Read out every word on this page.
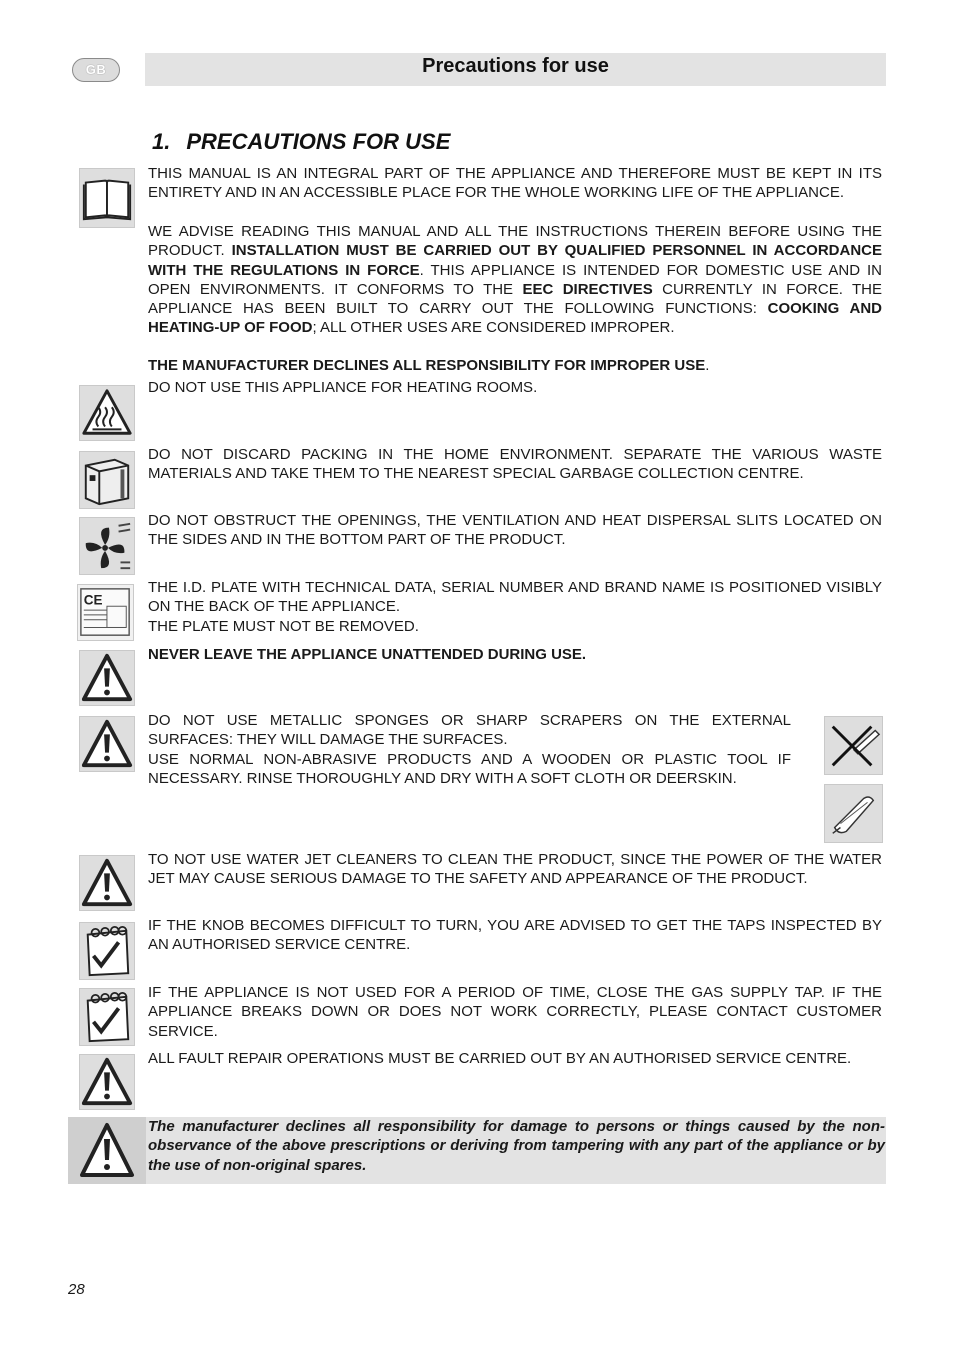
GB	Precautions for use
1. PRECAUTIONS FOR USE
THIS MANUAL IS AN INTEGRAL PART OF THE APPLIANCE AND THEREFORE MUST BE KEPT IN ITS ENTIRETY AND IN AN ACCESSIBLE PLACE FOR THE WHOLE WORKING LIFE OF THE APPLIANCE.
WE ADVISE READING THIS MANUAL AND ALL THE INSTRUCTIONS THEREIN BEFORE USING THE PRODUCT. INSTALLATION MUST BE CARRIED OUT BY QUALIFIED PERSONNEL IN ACCORDANCE WITH THE REGULATIONS IN FORCE. THIS APPLIANCE IS INTENDED FOR DOMESTIC USE AND IN OPEN ENVIRONMENTS. IT CONFORMS TO THE EEC DIRECTIVES CURRENTLY IN FORCE. THE APPLIANCE HAS BEEN BUILT TO CARRY OUT THE FOLLOWING FUNCTIONS: COOKING AND HEATING-UP OF FOOD; ALL OTHER USES ARE CONSIDERED IMPROPER.
THE MANUFACTURER DECLINES ALL RESPONSIBILITY FOR IMPROPER USE.
DO NOT USE THIS APPLIANCE FOR HEATING ROOMS.
DO NOT DISCARD PACKING IN THE HOME ENVIRONMENT. SEPARATE THE VARIOUS WASTE MATERIALS AND TAKE THEM TO THE NEAREST SPECIAL GARBAGE COLLECTION CENTRE.
DO NOT OBSTRUCT THE OPENINGS, THE VENTILATION AND HEAT DISPERSAL SLITS LOCATED ON THE SIDES AND IN THE BOTTOM PART OF THE PRODUCT.
CE
THE I.D. PLATE WITH TECHNICAL DATA, SERIAL NUMBER AND BRAND NAME IS POSITIONED VISIBLY ON THE BACK OF THE APPLIANCE.
THE PLATE MUST NOT BE REMOVED.
NEVER LEAVE THE APPLIANCE UNATTENDED DURING USE.
DO NOT USE METALLIC SPONGES OR SHARP SCRAPERS ON THE EXTERNAL SURFACES: THEY WILL DAMAGE THE SURFACES.
USE NORMAL NON-ABRASIVE PRODUCTS AND A WOODEN OR PLASTIC TOOL IF NECESSARY. RINSE THOROUGHLY AND DRY WITH A SOFT CLOTH OR DEERSKIN.
TO NOT USE WATER JET CLEANERS TO CLEAN THE PRODUCT, SINCE THE POWER OF THE WATER JET MAY CAUSE SERIOUS DAMAGE TO THE SAFETY AND APPEARANCE OF THE PRODUCT.
IF THE KNOB BECOMES DIFFICULT TO TURN, YOU ARE ADVISED TO GET THE TAPS INSPECTED BY AN AUTHORISED SERVICE CENTRE.
IF THE APPLIANCE IS NOT USED FOR A PERIOD OF TIME, CLOSE THE GAS SUPPLY TAP. IF THE APPLIANCE BREAKS DOWN OR DOES NOT WORK CORRECTLY, PLEASE CONTACT CUSTOMER SERVICE.
ALL FAULT REPAIR OPERATIONS MUST BE CARRIED OUT BY AN AUTHORISED SERVICE CENTRE.
The manufacturer declines all responsibility for damage to persons or things caused by the non-observance of the above prescriptions or deriving from tampering with any part of the appliance or by the use of non-original spares.
28
